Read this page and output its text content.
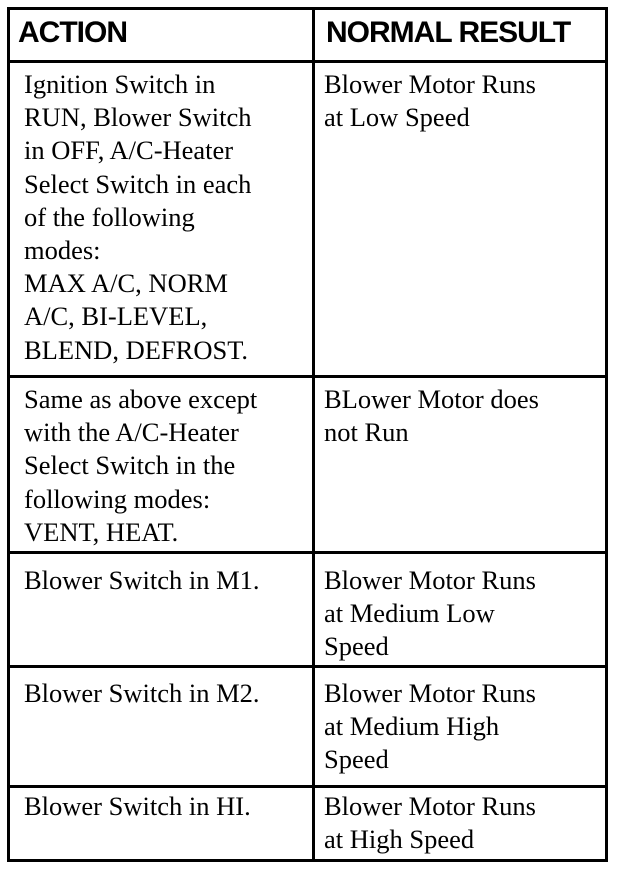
ACTION	NORMAL RESULT
Ignition Switch in
RUN, Blower Switch
in OFF, A/C-Heater
Select Switch in each
of the following
modes:
MAX A/C, NORM
A/C, BI-LEVEL,
BLEND, DEFROST.
Blower Motor Runs
at Low Speed
Same as above except
with the A/C-Heater
Select Switch in the
following modes:
VENT, HEAT.
BLower Motor does
not Run
Blower Switch in M1. Blower Motor Runs
at Medium Low
Speed
Blower Switch in M2. Blower Motor Runs
at Medium High
Speed
Blower Switch in HI.	Blower Motor Runs
at High Speed
